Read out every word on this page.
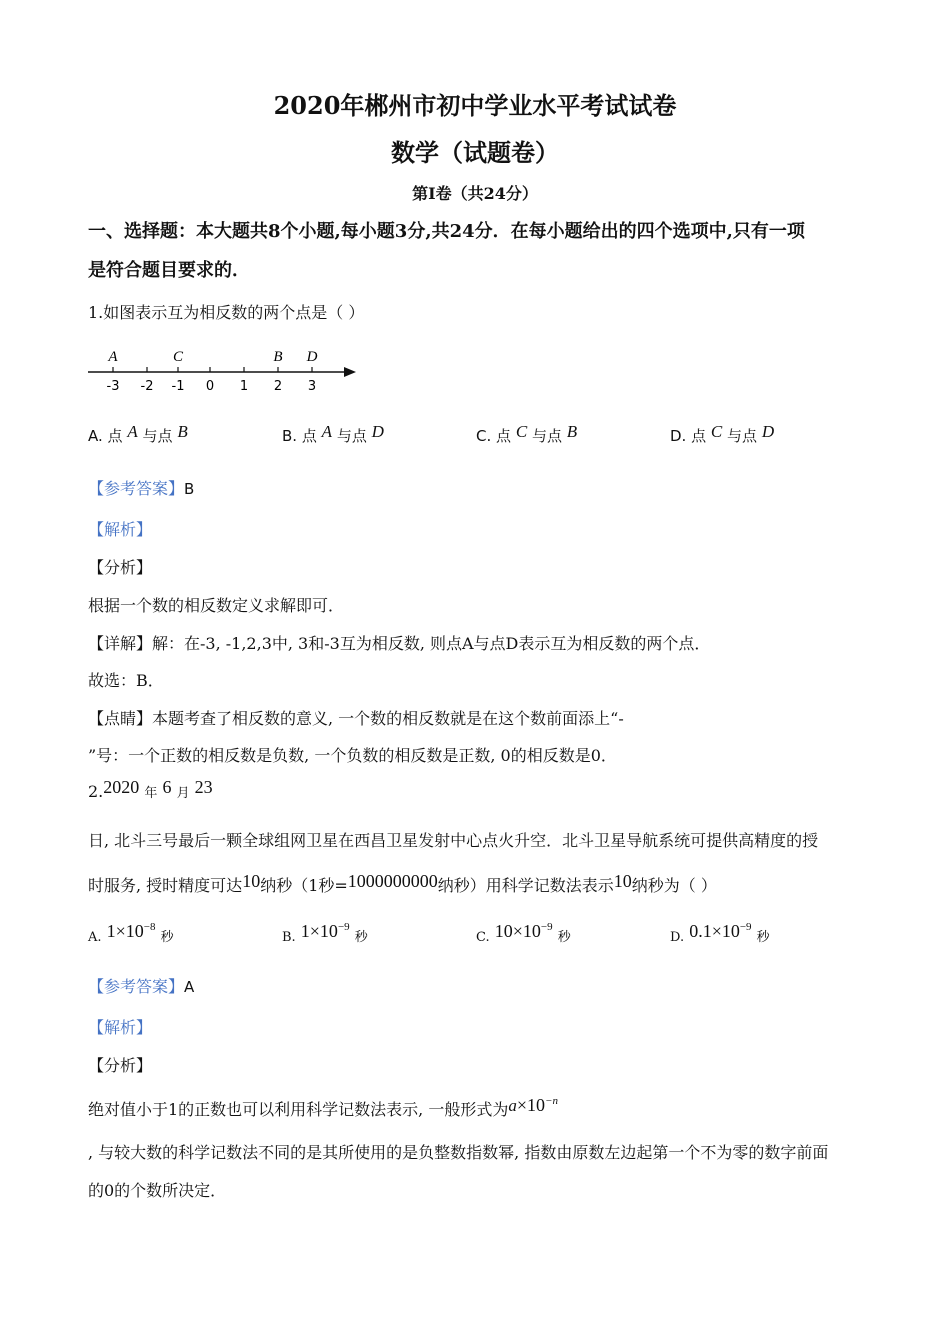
2020年郴州市初中学业水平考试试卷
数学（试题卷）
第Ⅰ卷（共24分）
一、选择题：本大题共8个小题,每小题3分,共24分．在每小题给出的四个选项中,只有一项
是符合题目要求的．
1.如图表示互为相反数的两个点是（ ）
A	C	B D
-3 -2 -1 0 1 2 3
A. 点 A 与点 B	B. 点 A 与点 D	C. 点 C 与点 B	D. 点 C 与点 D
【参考答案】B
【解析】
【分析】
根据一个数的相反数定义求解即可．
【详解】解：在-3, -1,2,3中, 3和-3互为相反数, 则点A与点D表示互为相反数的两个点．
故选：B．
【点睛】本题考查了相反数的意义, 一个数的相反数就是在这个数前面添上“-
”号：一个正数的相反数是负数, 一个负数的相反数是正数, 0的相反数是0．
2.2020 年 6 月 23
日, 北斗三号最后一颗全球组网卫星在西昌卫星发射中心点火升空．北斗卫星导航系统可提供高精度的授
时服务, 授时精度可达10纳秒（1秒=1000000000纳秒）用科学记数法表示10纳秒为（ ）
A. $1\times 10^{-8}$ 秒	B. $1\times 10^{-9}$ 秒	C. $10\times 10^{-9}$ 秒	D. $0.1\times 10^{-9}$ 秒
【参考答案】A
【解析】
【分析】
绝对值小于1的正数也可以利用科学记数法表示, 一般形式为$a\times 10^{-n}$
, 与较大数的科学记数法不同的是其所使用的是负整数指数幂, 指数由原数左边起第一个不为零的数字前面
的0的个数所决定．
